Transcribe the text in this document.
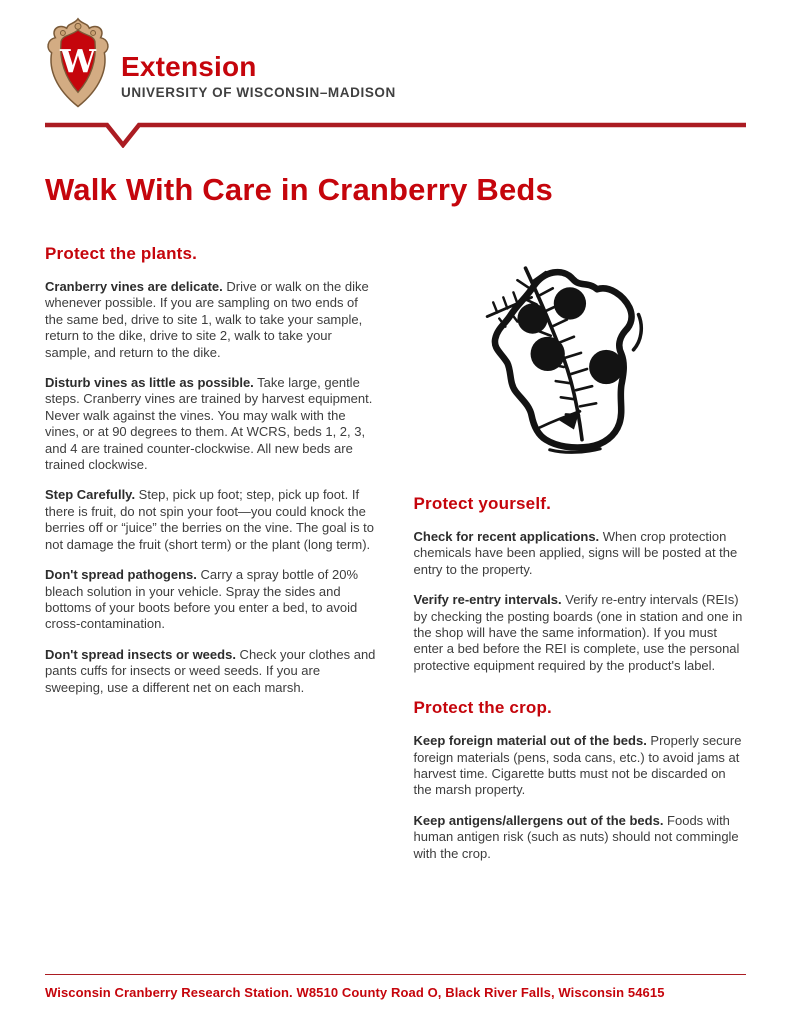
W Extension
UNIVERSITY OF WISCONSIN–MADISON
Walk With Care in Cranberry Beds
Protect the plants.

Cranberry vines are delicate. Drive or walk on the dike whenever possible. If you are sampling on two ends of the same bed, drive to site 1, walk to take your sample, return to the dike, drive to site 2, walk to take your sample, and return to the dike.

Disturb vines as little as possible. Take large, gentle steps. Cranberry vines are trained by harvest equipment. Never walk against the vines. You may walk with the vines, or at 90 degrees to them. At WCRS, beds 1, 2, 3, and 4 are trained counter-clockwise. All new beds are trained clockwise.

Step Carefully. Step, pick up foot; step, pick up foot. If there is fruit, do not spin your foot—you could knock the berries off or “juice” the berries on the vine. The goal is to not damage the fruit (short term) or the plant (long term).

Don't spread pathogens. Carry a spray bottle of 20% bleach solution in your vehicle. Spray the sides and bottoms of your boots before you enter a bed, to avoid cross-contamination.

Don't spread insects or weeds. Check your clothes and pants cuffs for insects or weed seeds. If you are sweeping, use a different net on each marsh.

Protect yourself.

Check for recent applications. When crop protection chemicals have been applied, signs will be posted at the entry to the property.

Verify re-entry intervals. Verify re-entry intervals (REIs) by checking the posting boards (one in station and one in the shop will have the same information). If you must enter a bed before the REI is complete, use the personal protective equipment required by the product's label.

Protect the crop.

Keep foreign material out of the beds. Properly secure foreign materials (pens, soda cans, etc.) to avoid jams at harvest time. Cigarette butts must not be discarded on the marsh property.

Keep antigens/allergens out of the beds. Foods with human antigen risk (such as nuts) should not commingle with the crop.

Wisconsin Cranberry Research Station. W8510 County Road O, Black River Falls, Wisconsin 54615
